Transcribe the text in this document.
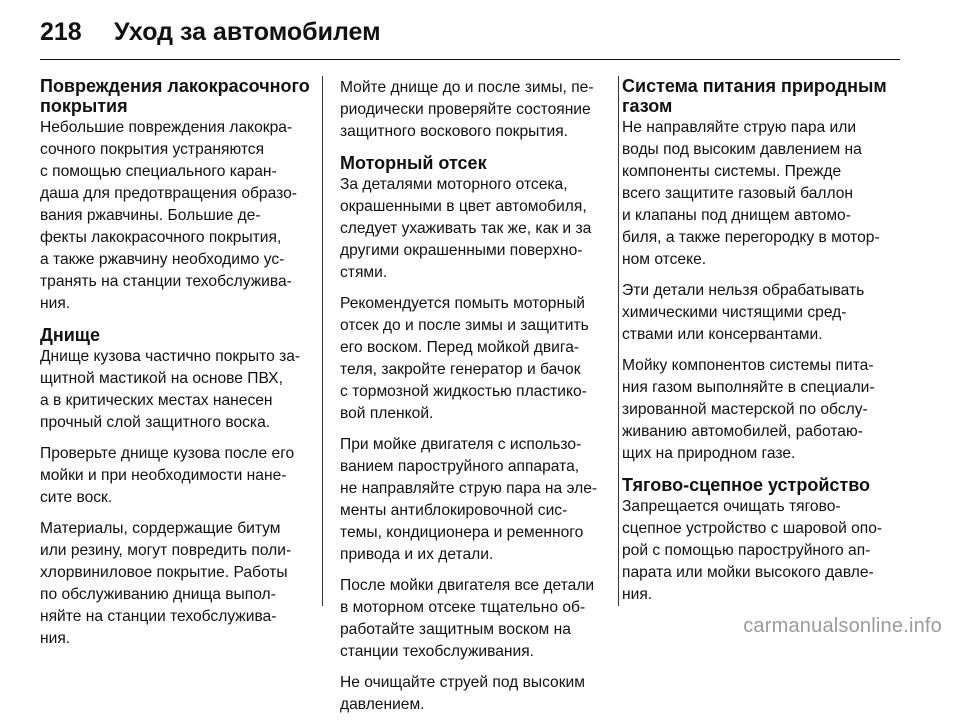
218	Уход за автомобилем
Повреждения лакокрасочного
покрытия

Небольшие повреждения лакокра-
сочного покрытия устраняются
с помощью специального каран-
даша для предотвращения образо-
вания ржавчины. Большие де-
фекты лакокрасочного покрытия,
а также ржавчину необходимо ус-
транять на станции техобслужива-
ния.

Днище

Днище кузова частично покрыто за-
щитной мастикой на основе ПВХ,
а в критических местах нанесен
прочный слой защитного воска.

Проверьте днище кузова после его
мойки и при необходимости нане-
сите воск.

Материалы, сордержащие битум
или резину, могут повредить поли-
хлорвиниловое покрытие. Работы
по обслуживанию днища выпол-
няйте на станции техобслужива-
ния.

Мойте днище до и после зимы, пе-
риодически проверяйте состояние
защитного воскового покрытия.

Моторный отсек

За деталями моторного отсека,
окрашенными в цвет автомобиля,
следует ухаживать так же, как и за
другими окрашенными поверхно-
стями.

Рекомендуется помыть моторный
отсек до и после зимы и защитить
его воском. Перед мойкой двига-
теля, закройте генератор и бачок
с тормозной жидкостью пластико-
вой пленкой.

При мойке двигателя с использо-
ванием пароструйного аппарата,
не направляйте струю пара на эле-
менты антиблокировочной сис-
темы, кондиционера и ременного
привода и их детали.

После мойки двигателя все детали
в моторном отсеке тщательно об-
работайте защитным воском на
станции техобслуживания.

Не очищайте струей под высоким
давлением.

Система питания природным
газом

Не направляйте струю пара или
воды под высоким давлением на
компоненты системы. Прежде
всего защитите газовый баллон
и клапаны под днищем автомо-
биля, а также перегородку в мотор-
ном отсеке.

Эти детали нельзя обрабатывать
химическими чистящими сред-
ствами или консервантами.

Мойку компонентов системы пита-
ния газом выполняйте в специали-
зированной мастерской по обслу-
живанию автомобилей, работаю-
щих на природном газе.

Тягово-сцепное устройство

Запрещается очищать тягово-
сцепное устройство с шаровой опо-
рой с помощью пароструйного ап-
парата или мойки высокого давле-
ния.

carmanualsonline.info
